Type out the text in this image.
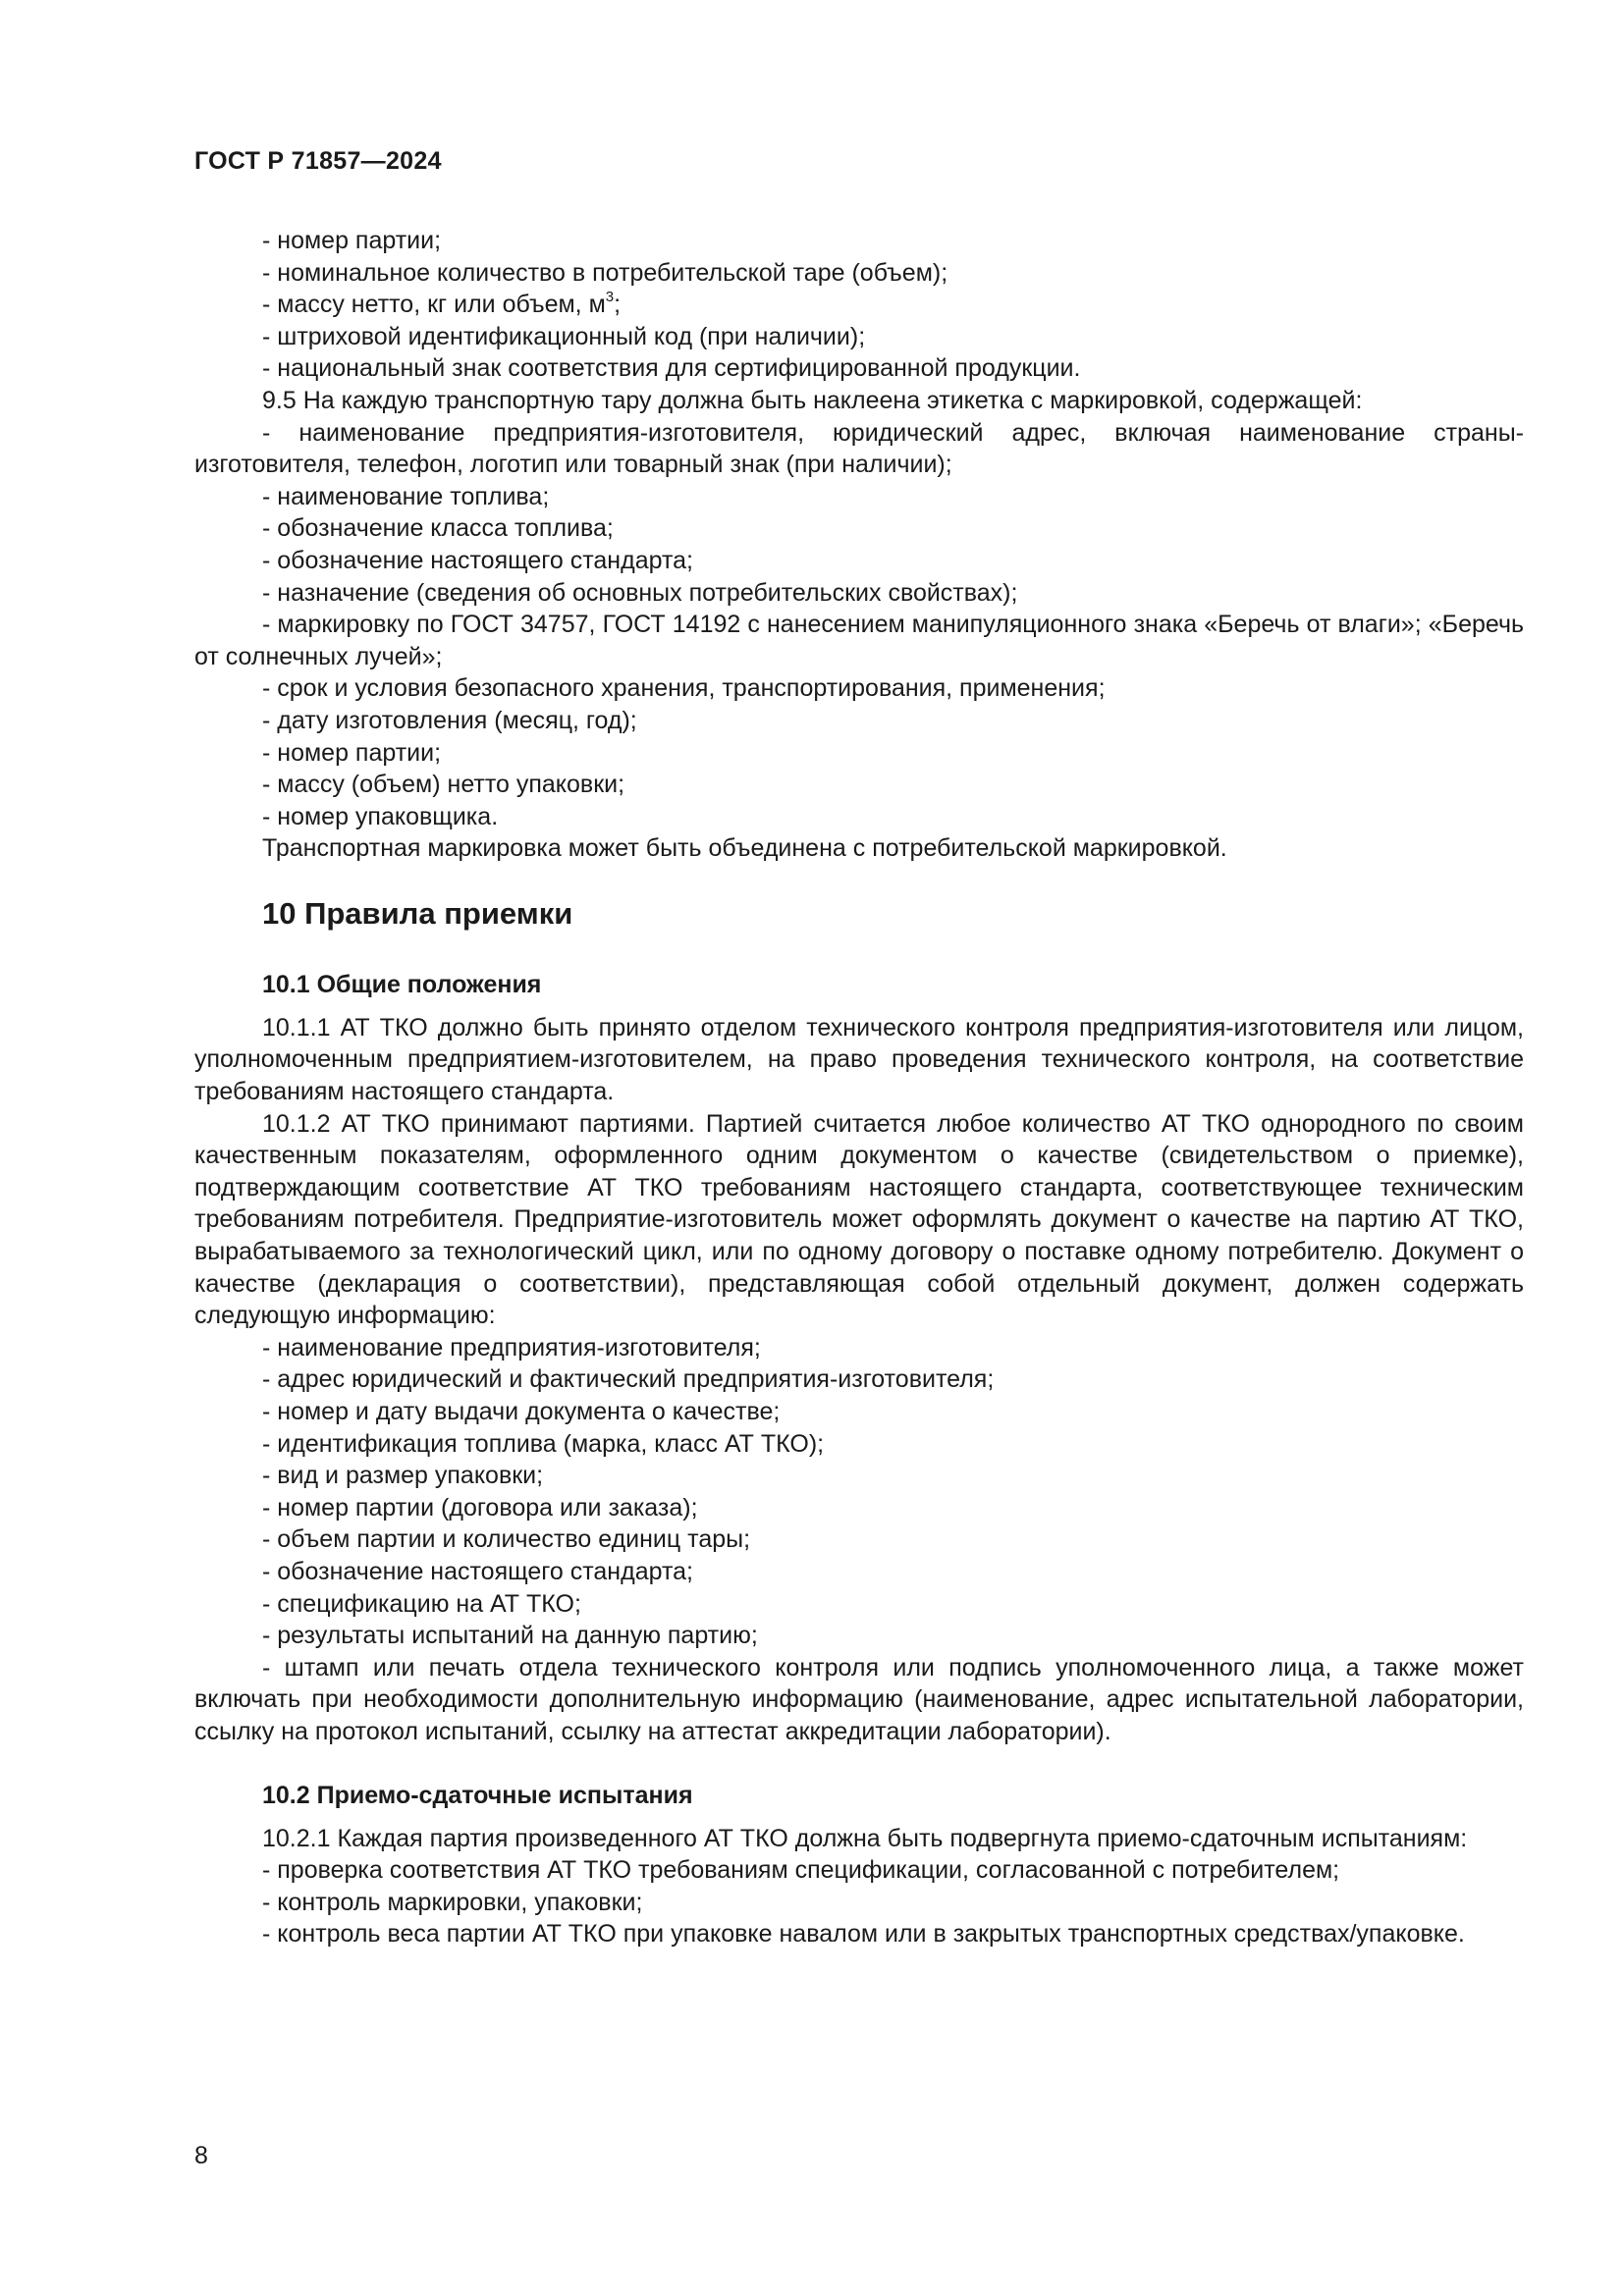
ГОСТ Р 71857—2024

- номер партии;

- номинальное количество в потребительской таре (объем);

- массу нетто, кг или объем, $м^3$;

- штриховой идентификационный код (при наличии);

- национальный знак соответствия для сертифицированной продукции.

9.5 На каждую транспортную тару должна быть наклеена этикетка с маркировкой, содержащей:

- наименование предприятия-изготовителя, юридический адрес, включая наименование страны-изготовителя, телефон, логотип или товарный знак (при наличии);

- наименование топлива;

- обозначение класса топлива;

- обозначение настоящего стандарта;

- назначение (сведения об основных потребительских свойствах);

- маркировку по ГОСТ 34757, ГОСТ 14192 с нанесением манипуляционного знака «Беречь от влаги»; «Беречь от солнечных лучей»;

- срок и условия безопасного хранения, транспортирования, применения;

- дату изготовления (месяц, год);

- номер партии;

- массу (объем) нетто упаковки;

- номер упаковщика.

Транспортная маркировка может быть объединена с потребительской маркировкой.

10 Правила приемки
10.1 Общие положения

10.1.1 АТ ТКО должно быть принято отделом технического контроля предприятия-изготовителя или лицом, уполномоченным предприятием-изготовителем, на право проведения технического контроля, на соответствие требованиям настоящего стандарта.

10.1.2 АТ ТКО принимают партиями. Партией считается любое количество АТ ТКО однородного по своим качественным показателям, оформленного одним документом о качестве (свидетельством о приемке), подтверждающим соответствие АТ ТКО требованиям настоящего стандарта, соответствующее техническим требованиям потребителя. Предприятие-изготовитель может оформлять документ о качестве на партию АТ ТКО, вырабатываемого за технологический цикл, или по одному договору о поставке одному потребителю. Документ о качестве (декларация о соответствии), представляющая собой отдельный документ, должен содержать следующую информацию:

- наименование предприятия-изготовителя;

- адрес юридический и фактический предприятия-изготовителя;

- номер и дату выдачи документа о качестве;

- идентификация топлива (марка, класс АТ ТКО);

- вид и размер упаковки;

- номер партии (договора или заказа);

- объем партии и количество единиц тары;

- обозначение настоящего стандарта;

- спецификацию на АТ ТКО;

- результаты испытаний на данную партию;

- штамп или печать отдела технического контроля или подпись уполномоченного лица, а также может включать при необходимости дополнительную информацию (наименование, адрес испытательной лаборатории, ссылку на протокол испытаний, ссылку на аттестат аккредитации лаборатории).

10.2 Приемо-сдаточные испытания

10.2.1 Каждая партия произведенного АТ ТКО должна быть подвергнута приемо-сдаточным испытаниям:

- проверка соответствия АТ ТКО требованиям спецификации, согласованной с потребителем;

- контроль маркировки, упаковки;

- контроль веса партии АТ ТКО при упаковке навалом или в закрытых транспортных средствах/упаковке.

8
